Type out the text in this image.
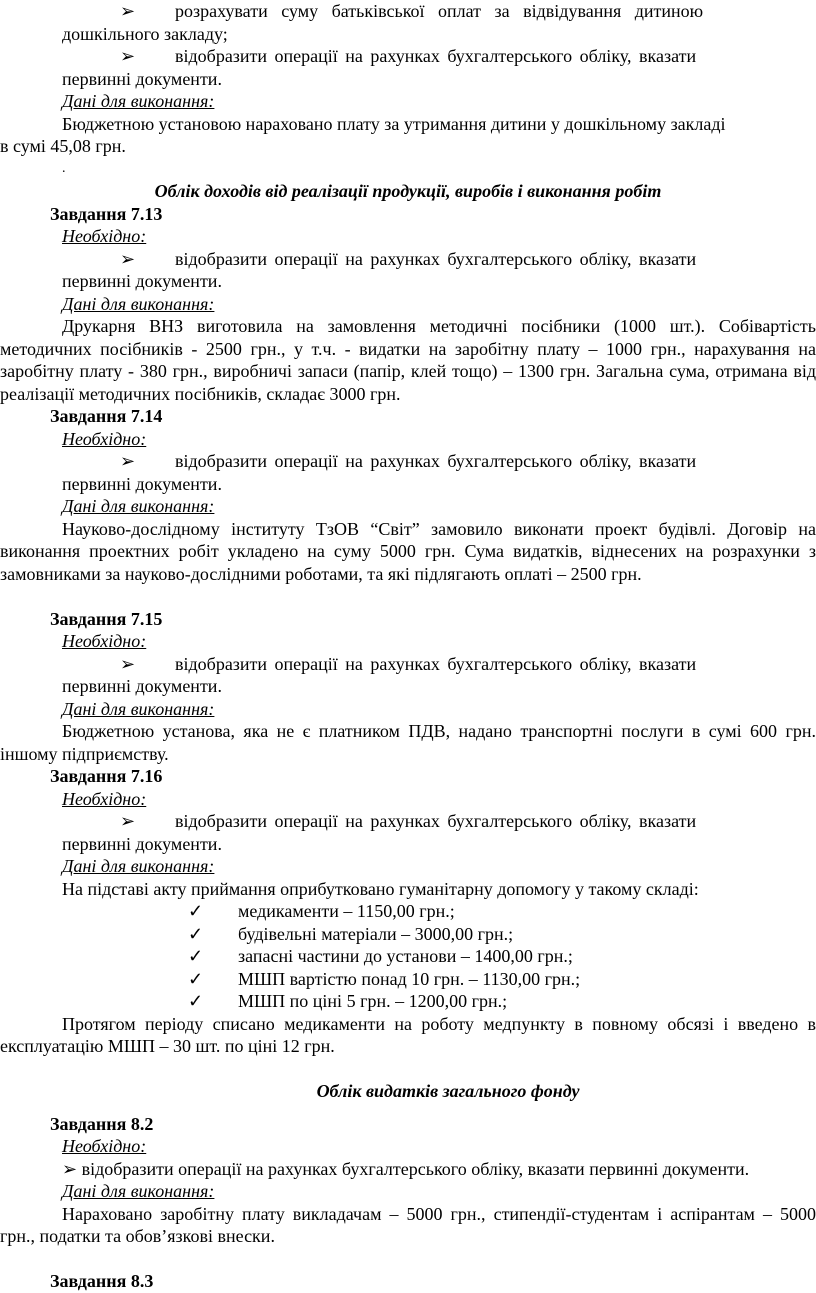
➢ розрахувати суму батьківської оплат за відвідування дитиною

дошкільного закладу;

➢ відобразити операції на рахунках бухгалтерського обліку, вказати

первинні документи.

Дані для виконання:

Бюджетною установою нараховано плату за утримання дитини у дошкільному закладі

в сумі 45,08 грн.

.

Облік доходів від реалізації продукції, виробів і виконання робіт

Завдання 7.13

Необхідно:

➢ відобразити операції на рахунках бухгалтерського обліку, вказати

первинні документи.

Дані для виконання:

Друкарня ВНЗ виготовила на замовлення методичні посібники (1000 шт.). Собівартість методичних посібників - 2500 грн., у т.ч. - видатки на заробітну плату – 1000 грн., нарахування на заробітну плату - 380 грн., виробничі запаси (папір, клей тощо) – 1300 грн. Загальна сума, отримана від реалізації методичних посібників, складає 3000 грн.

Завдання 7.14

Необхідно:

➢ відобразити операції на рахунках бухгалтерського обліку, вказати

первинні документи.

Дані для виконання:

Науково-дослідному інституту ТзОВ “Світ” замовило виконати проект будівлі. Договір на виконання проектних робіт укладено на суму 5000 грн. Сума видатків, віднесених на розрахунки з замовниками за науково-дослідними роботами, та які підлягають оплаті – 2500 грн.

Завдання 7.15

Необхідно:

➢ відобразити операції на рахунках бухгалтерського обліку, вказати

первинні документи.

Дані для виконання:

Бюджетною установа, яка не є платником ПДВ, надано транспортні послуги в сумі 600 грн. іншому підприємству.

Завдання 7.16

Необхідно:

➢ відобразити операції на рахунках бухгалтерського обліку, вказати

первинні документи.

Дані для виконання:

На підставі акту приймання оприбутковано гуманітарну допомогу у такому складі:

✓ медикаменти – 1150,00 грн.;

✓ будівельні матеріали – 3000,00 грн.;

✓ запасні частини до установи – 1400,00 грн.;

✓ МШП вартістю понад 10 грн. – 1130,00 грн.;

✓ МШП по ціні 5 грн. – 1200,00 грн.;

Протягом періоду списано медикаменти на роботу медпункту в повному обсязі і введено в експлуатацію МШП – 30 шт. по ціні 12 грн.

Облік видатків загального фонду

Завдання 8.2

Необхідно:

➢ відобразити операції на рахунках бухгалтерського обліку, вказати первинні документи.

Дані для виконання:

Нараховано заробітну плату викладачам – 5000 грн., стипендії-студентам і аспірантам – 5000 грн., податки та обов’язкові внески.

Завдання 8.3
